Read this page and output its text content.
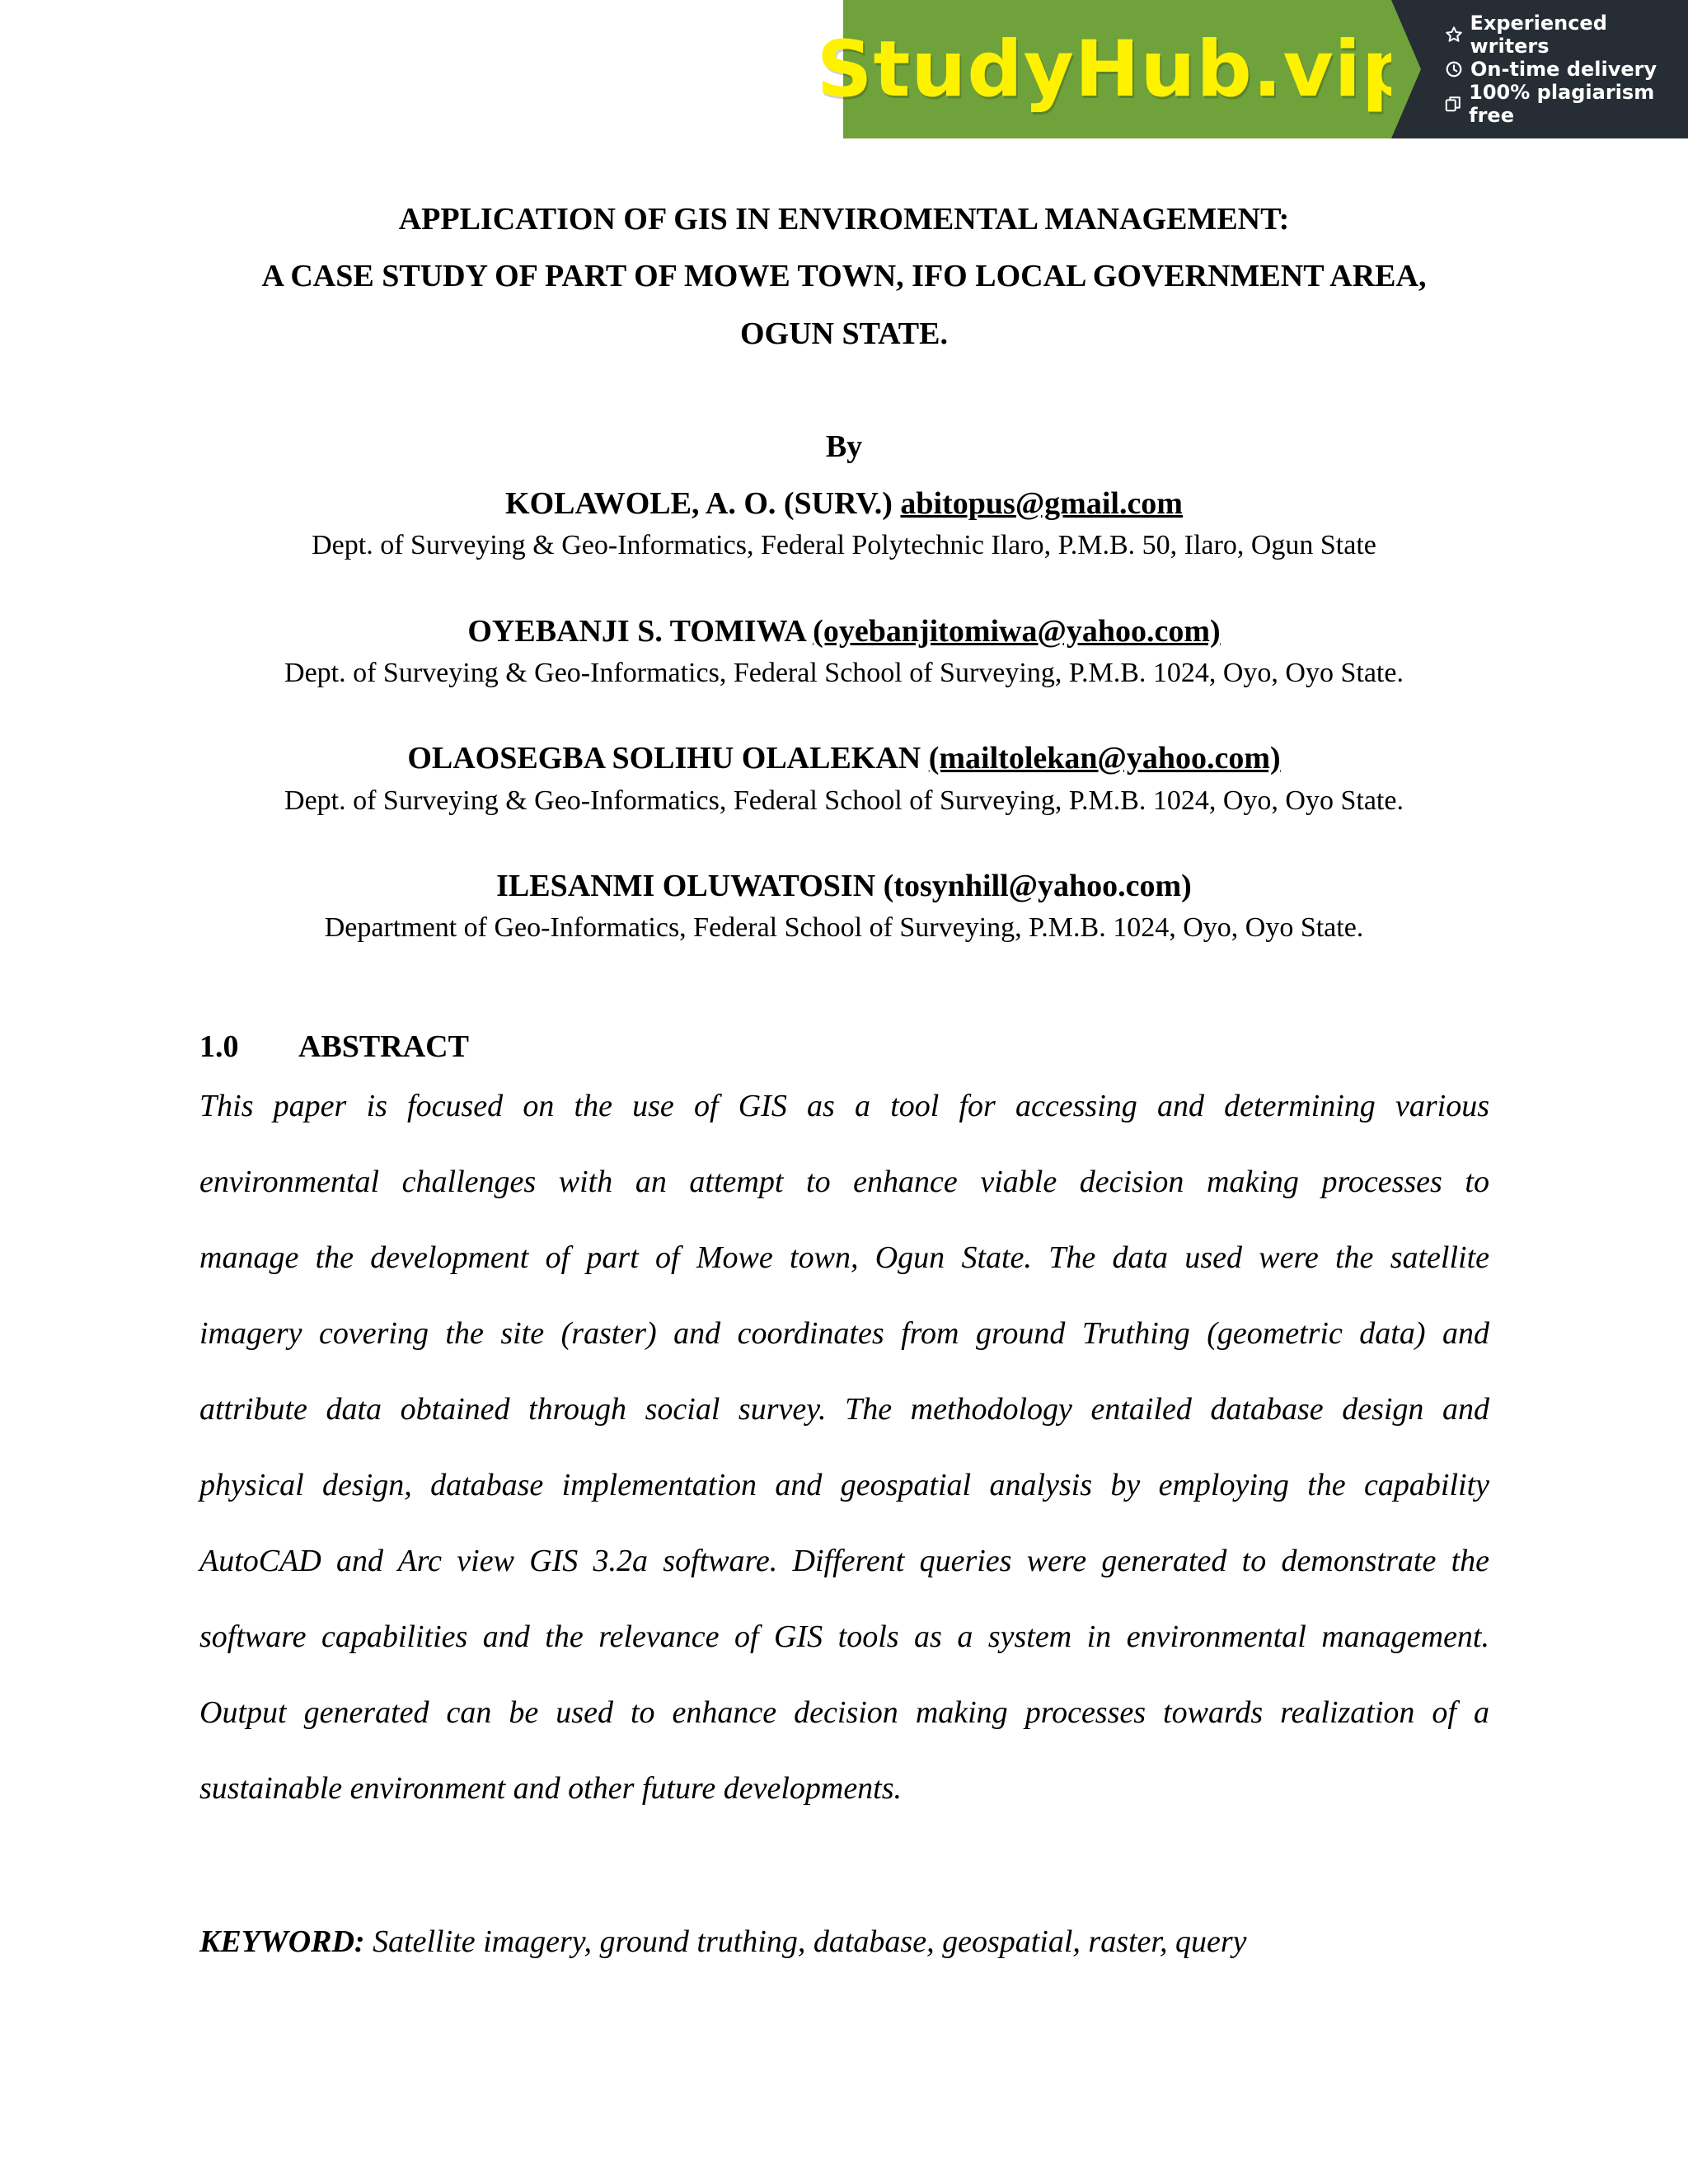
StudyHub.vip
Experienced writers
On-time delivery
100% plagiarism free
APPLICATION OF GIS IN ENVIROMENTAL MANAGEMENT:
A CASE STUDY OF PART OF MOWE TOWN, IFO LOCAL GOVERNMENT AREA,
OGUN STATE.
By
KOLAWOLE, A. O. (SURV.) abitopus@gmail.com
Dept. of Surveying & Geo-Informatics, Federal Polytechnic Ilaro, P.M.B. 50, Ilaro, Ogun State
OYEBANJI S. TOMIWA (oyebanjitomiwa@yahoo.com)
Dept. of Surveying & Geo-Informatics, Federal School of Surveying, P.M.B. 1024, Oyo, Oyo State.
OLAOSEGBA SOLIHU OLALEKAN (mailtolekan@yahoo.com)
Dept. of Surveying & Geo-Informatics, Federal School of Surveying, P.M.B. 1024, Oyo, Oyo State.
ILESANMI OLUWATOSIN (tosynhill@yahoo.com)
Department of Geo-Informatics, Federal School of Surveying, P.M.B. 1024, Oyo, Oyo State.
1.0 ABSTRACT
This paper is focused on the use of GIS as a tool for accessing and determining various
environmental challenges with an attempt to enhance viable decision making processes to
manage the development of part of Mowe town, Ogun State. The data used were the satellite
imagery covering the site (raster) and coordinates from ground Truthing (geometric data) and
attribute data obtained through social survey. The methodology entailed database design and
physical design, database implementation and geospatial analysis by employing the capability
AutoCAD and Arc view GIS 3.2a software. Different queries were generated to demonstrate the
software capabilities and the relevance of GIS tools as a system in environmental management.
Output generated can be used to enhance decision making processes towards realization of a
sustainable environment and other future developments.
KEYWORD: Satellite imagery, ground truthing, database, geospatial, raster, query
